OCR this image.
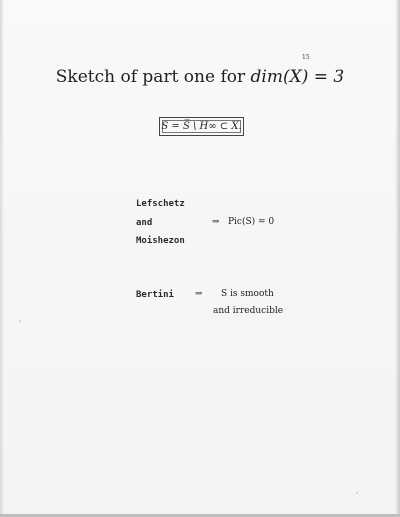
15
Sketch of part one for dim(X) = 3
S = S̅ \ H∞ ⊂ X.
Lefschetz
and
Moishezon
⇒ Pic(S) = 0
Bertini ⇒ S is smooth
and irreducible
